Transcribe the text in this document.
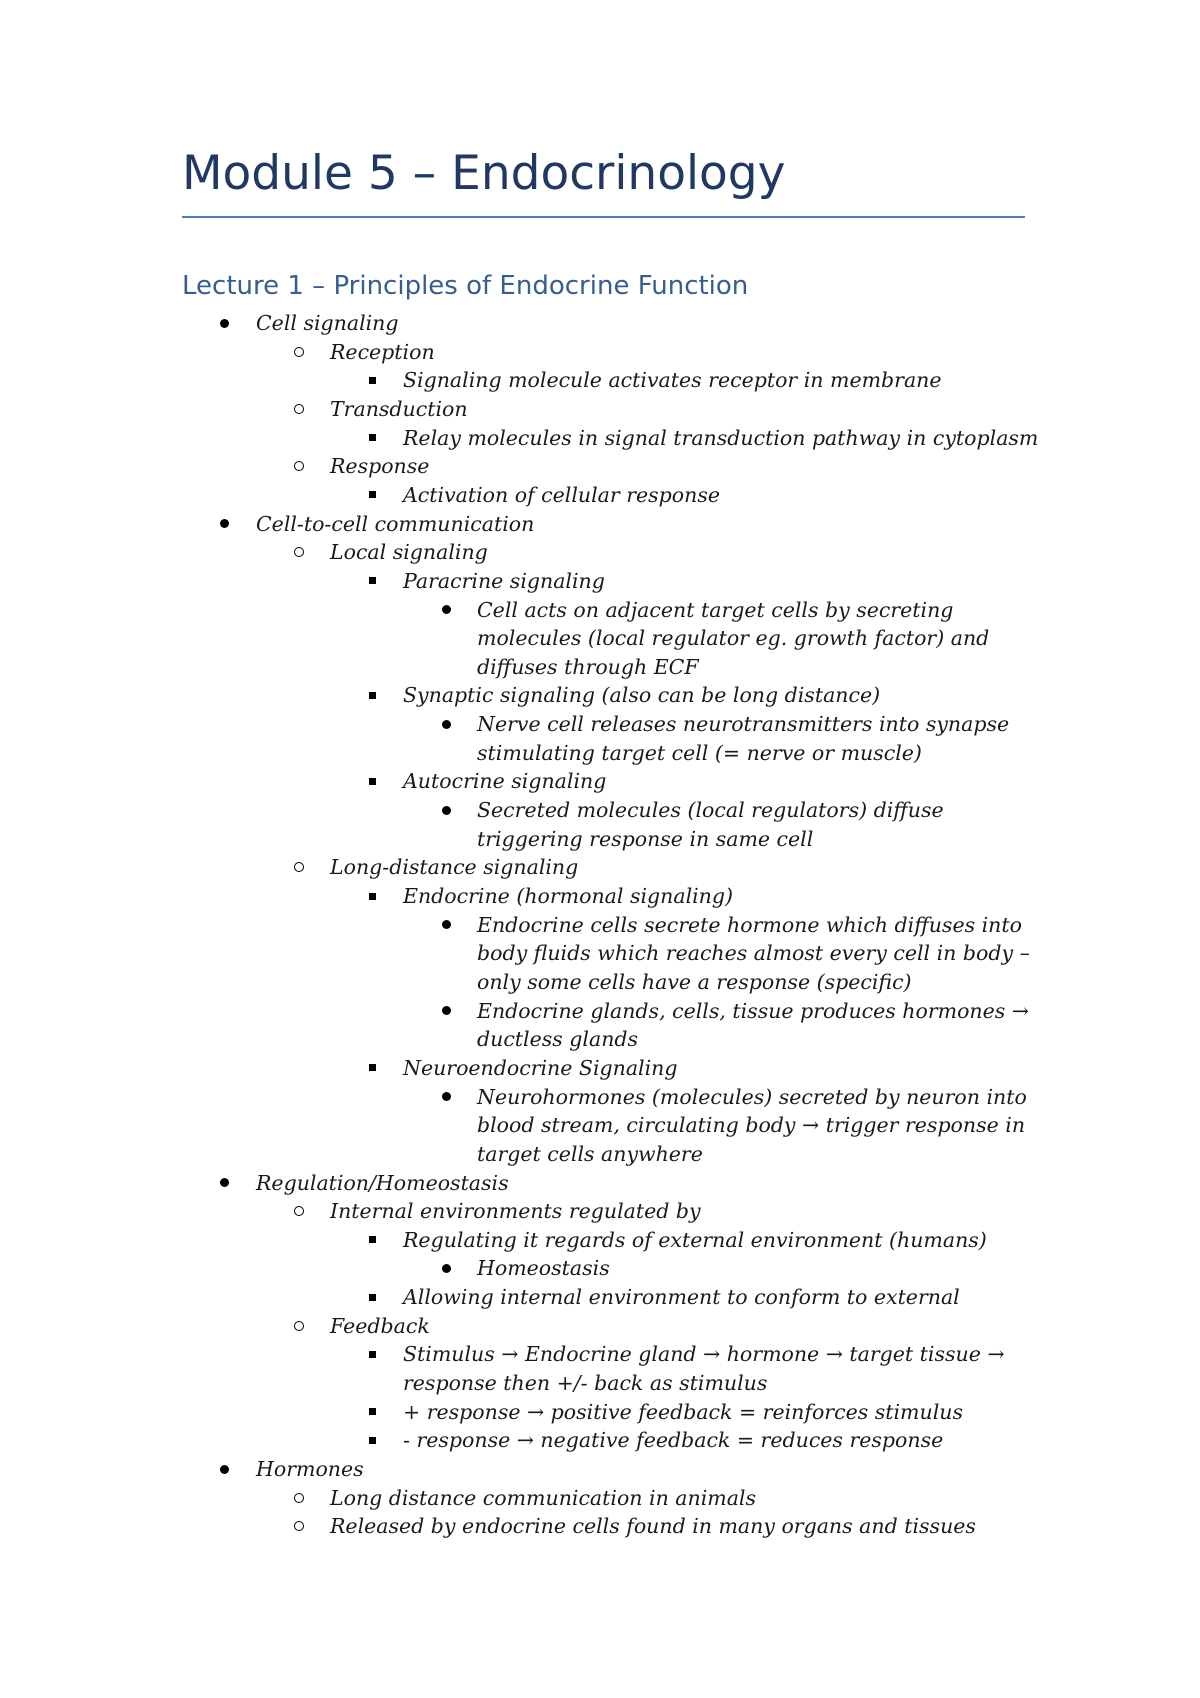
Module 5 – Endocrinology
Lecture 1 – Principles of Endocrine Function
Cell signaling
Reception
Signaling molecule activates receptor in membrane
Transduction
Relay molecules in signal transduction pathway in cytoplasm
Response
Activation of cellular response
Cell-to-cell communication
Local signaling
Paracrine signaling
Cell acts on adjacent target cells by secreting
molecules (local regulator eg. growth factor) and
diffuses through ECF
Synaptic signaling (also can be long distance)
Nerve cell releases neurotransmitters into synapse
stimulating target cell (= nerve or muscle)
Autocrine signaling
Secreted molecules (local regulators) diffuse
triggering response in same cell
Long-distance signaling
Endocrine (hormonal signaling)
Endocrine cells secrete hormone which diffuses into
body fluids which reaches almost every cell in body –
only some cells have a response (specific)
Endocrine glands, cells, tissue produces hormones →
ductless glands
Neuroendocrine Signaling
Neurohormones (molecules) secreted by neuron into
blood stream, circulating body → trigger response in
target cells anywhere
Regulation/Homeostasis
Internal environments regulated by
Regulating it regards of external environment (humans)
Homeostasis
Allowing internal environment to conform to external
Feedback
Stimulus → Endocrine gland → hormone → target tissue →
response then +/- back as stimulus
+ response → positive feedback = reinforces stimulus
- response → negative feedback = reduces response
Hormones
Long distance communication in animals
Released by endocrine cells found in many organs and tissues
